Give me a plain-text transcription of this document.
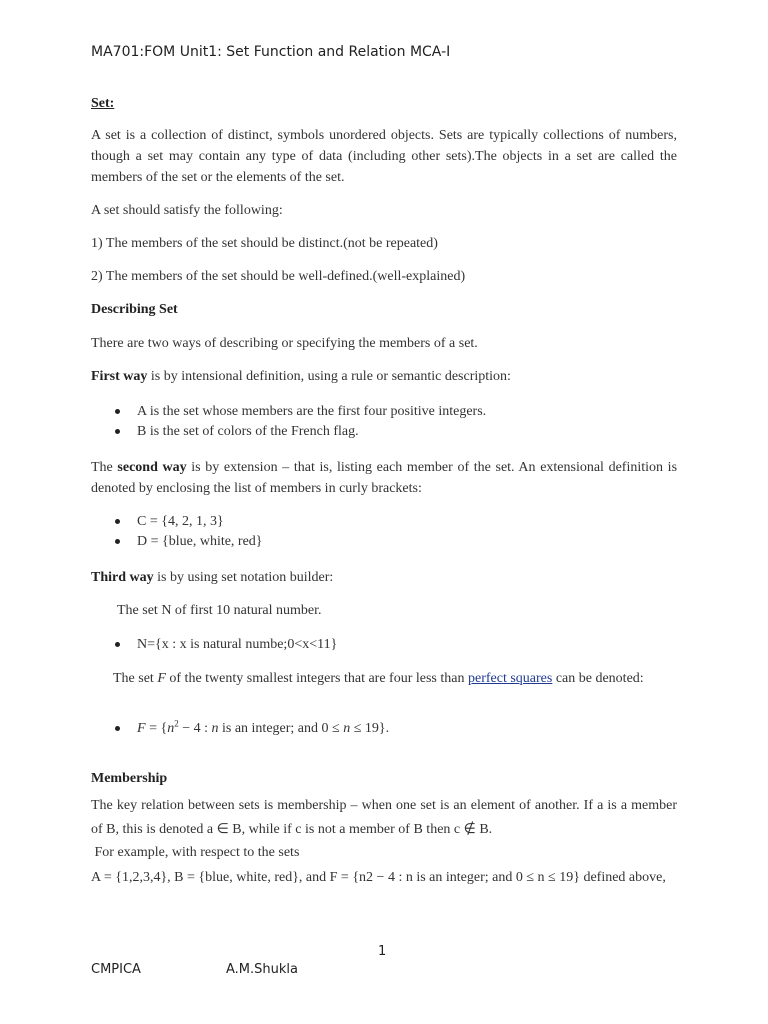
MA701:FOM Unit1: Set Function and Relation MCA-I
Set:
A set is a collection of distinct, symbols unordered objects. Sets are typically collections of numbers, though a set may contain any type of data (including other sets).The objects in a set are called the members of the set or the elements of the set.
A set should satisfy the following:
1) The members of the set should be distinct.(not be repeated)
2) The members of the set should be well-defined.(well-explained)
Describing Set
There are two ways of describing or specifying the members of a set.
First way is by intensional definition, using a rule or semantic description:
A is the set whose members are the first four positive integers.
B is the set of colors of the French flag.
The second way is by extension – that is, listing each member of the set. An extensional definition is denoted by enclosing the list of members in curly brackets:
C = {4, 2, 1, 3}
D = {blue, white, red}
Third way is by using set notation builder:
The set N of first 10 natural number.
N={x : x is natural numbe;0<x<11}
The set F of the twenty smallest integers that are four less than perfect squares can be denoted:
$F = \{n^2 - 4$ : n is an integer; and 0 ≤ n ≤ 19}.
Membership
The key relation between sets is membership – when one set is an element of another. If a is a member of B, this is denoted a ∈ B, while if c is not a member of B then c ∉ B.
For example, with respect to the sets
A = {1,2,3,4}, B = {blue, white, red}, and F = {n2 − 4 : n is an integer; and 0 ≤ n ≤ 19} defined above,
1
CMPICA	A.M.Shukla
